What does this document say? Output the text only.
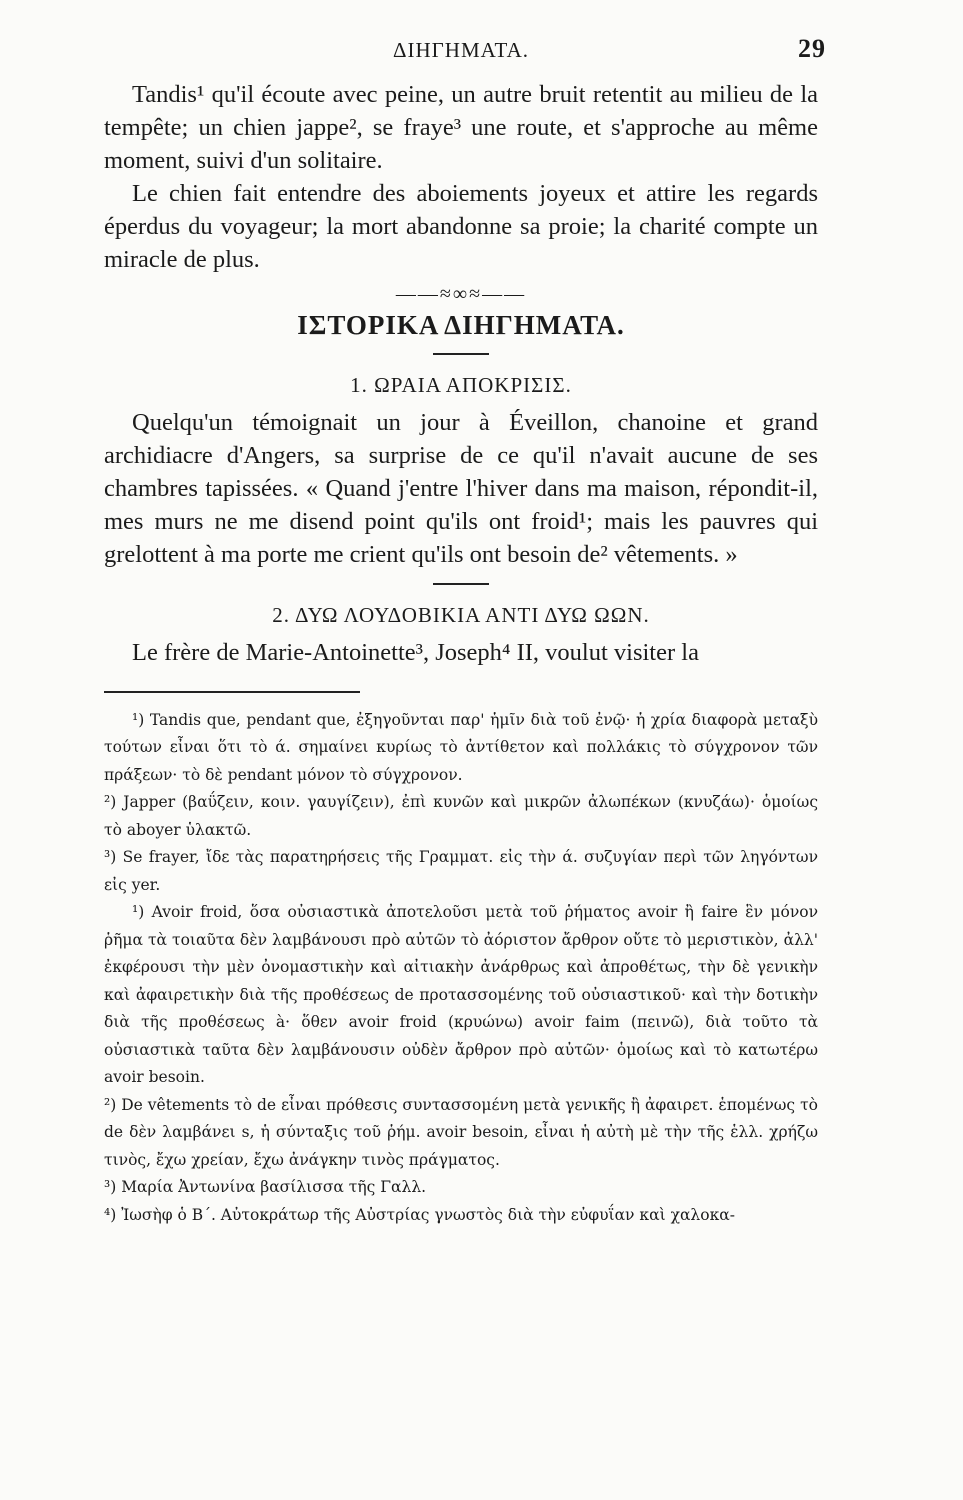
ΔΙΗΓΗΜΑΤΑ.	29

Tandis¹ qu'il écoute avec peine, un autre bruit retentit au milieu de la tempête; un chien jappe², se fraye³ une route, et s'approche au même moment, suivi d'un solitaire.

Le chien fait entendre des aboiements joyeux et attire les regards éperdus du voyageur; la mort abandonne sa proie; la charité compte un miracle de plus.

——≈∞≈——
ΙΣΤΟΡΙΚΑ ΔΙΗΓΗΜΑΤΑ.
1. ΩΡΑΙΑ ΑΠΟΚΡΙΣΙΣ.

Quelqu'un témoignait un jour à Éveillon, chanoine et grand archidiacre d'Angers, sa surprise de ce qu'il n'avait aucune de ses chambres tapissées. « Quand j'entre l'hiver dans ma maison, répondit-il, mes murs ne me disend point qu'ils ont froid¹; mais les pauvres qui grelottent à ma porte me crient qu'ils ont besoin de² vêtements. »

2. ΔΥΩ ΛΟΥΔΟΒΙΚΙΑ ΑΝΤΙ ΔΥΩ ΩΩΝ.

Le frère de Marie-Antoinette³, Joseph⁴ II, voulut visiter la

¹) Tandis que, pendant que, ἐξηγοῦνται παρ' ἡμῖν διὰ τοῦ ἐνῷ· ἡ χρία διαφορὰ μεταξὺ τούτων εἶναι ὅτι τὸ ά. σημαίνει κυρίως τὸ ἀντίθετον καὶ πολλάκις τὸ σύγχρονον τῶν πράξεων· τὸ δὲ pendant μόνον τὸ σύγχρονον.

²) Japper (βαΰζειν, κοιν. γαυγίζειν), ἐπὶ κυνῶν καὶ μικρῶν ἀλωπέκων (κνυζάω)· ὁμοίως τὸ aboyer ὑλακτῶ.

³) Se frayer, ἴδε τὰς παρατηρήσεις τῆς Γραμματ. εἰς τὴν ά. συζυγίαν περὶ τῶν ληγόντων εἰς yer.

¹) Avoir froid, ὅσα οὐσιαστικὰ ἀποτελοῦσι μετὰ τοῦ ῥήματος avoir ἢ faire ἓν μόνον ῥῆμα τὰ τοιαῦτα δὲν λαμβάνουσι πρὸ αὐτῶν τὸ ἀόριστον ἄρθρον οὔτε τὸ μεριστικὸν, ἀλλ' ἐκφέρουσι τὴν μὲν ὀνομαστικὴν καὶ αἰτιακὴν ἀνάρθρως καὶ ἀπροθέτως, τὴν δὲ γενικὴν καὶ ἀφαιρετικὴν διὰ τῆς προθέσεως de προτασσομένης τοῦ οὐσιαστικοῦ· καὶ τὴν δοτικὴν διὰ τῆς προθέσεως à· ὅθεν avoir froid (κρυώνω) avoir faim (πεινῶ), διὰ τοῦτο τὰ οὐσιαστικὰ ταῦτα δὲν λαμβάνουσιν οὐδὲν ἄρθρον πρὸ αὐτῶν· ὁμοίως καὶ τὸ κατωτέρω avoir besoin.

²) De vêtements τὸ de εἶναι πρόθεσις συντασσομένη μετὰ γενικῆς ἢ ἀφαιρετ. ἑπομένως τὸ de δὲν λαμβάνει s, ἡ σύνταξις τοῦ ῥήμ. avoir besoin, εἶναι ἡ αὐτὴ μὲ τὴν τῆς ἑλλ. χρήζω τινὸς, ἔχω χρείαν, ἔχω ἀνάγκην τινὸς πράγματος.

³) Μαρία Ἀντωνίνα βασίλισσα τῆς Γαλλ.

⁴) Ἰωσὴφ ὁ Β΄. Αὐτοκράτωρ τῆς Αὐστρίας γνωστὸς διὰ τὴν εὐφυΐαν καὶ χαλοκα-
